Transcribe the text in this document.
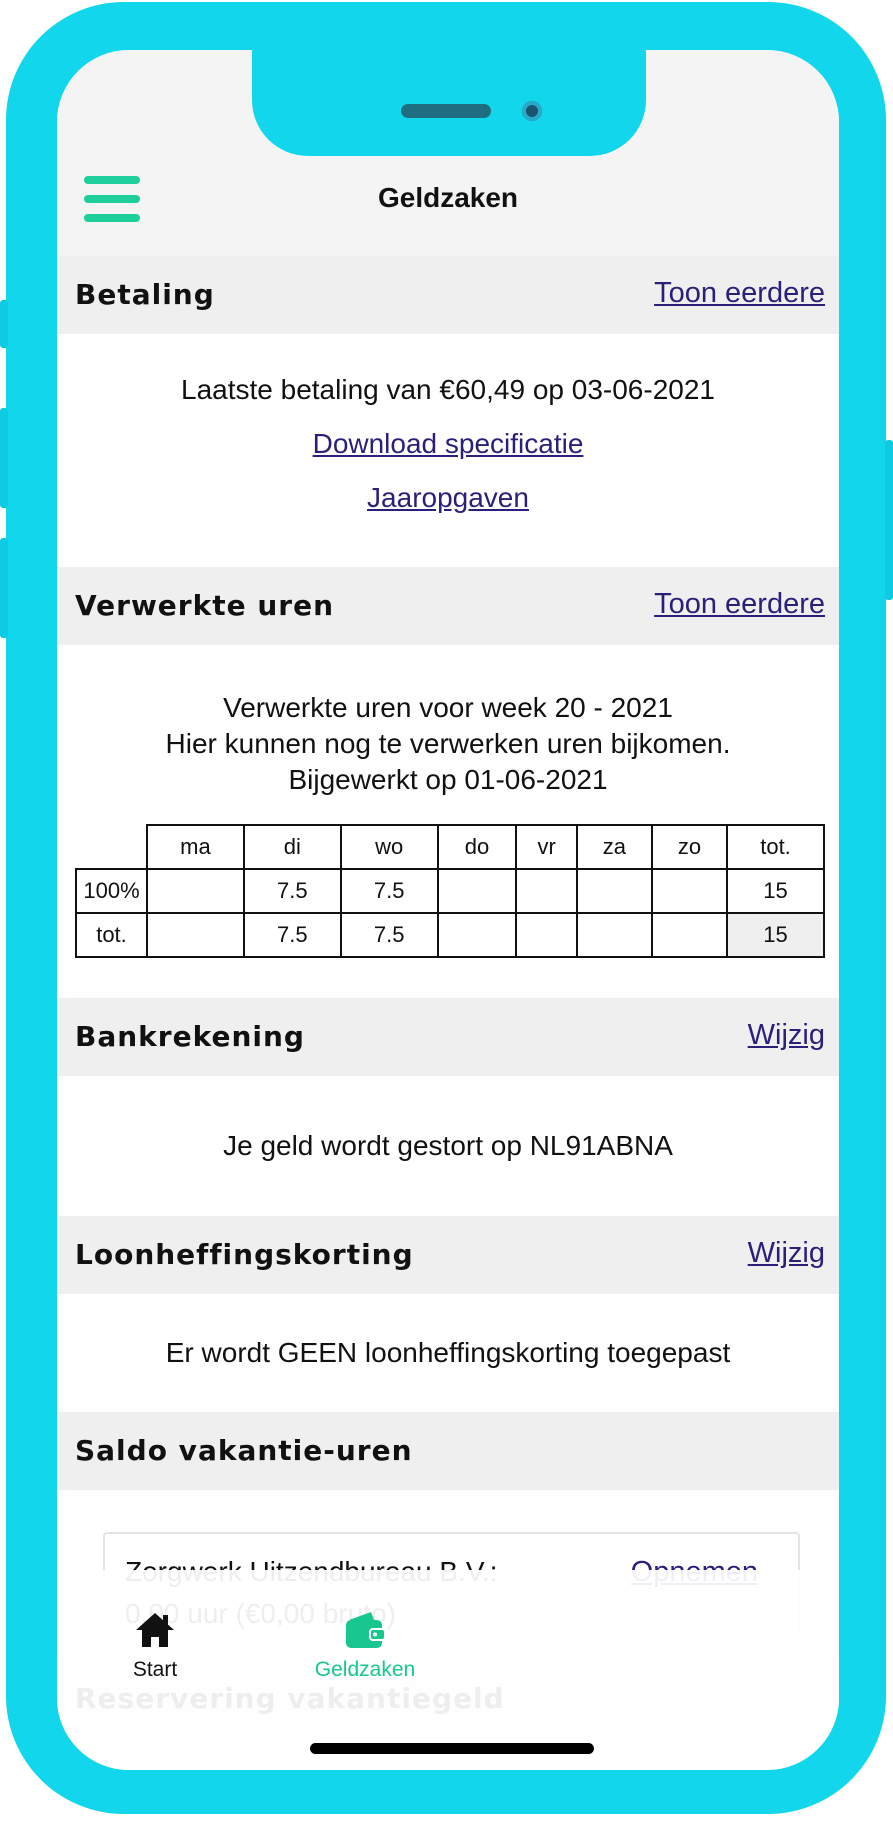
Geldzaken
Betaling	Toon eerdere
Laatste betaling van €60,49 op 03-06-2021
Download specificatie
Jaaropgaven
Verwerkte uren	Toon eerdere
Verwerkte uren voor week 20 - 2021
Hier kunnen nog te verwerken uren bijkomen.
Bijgewerkt op 01-06-2021
	ma	di	wo	do	vr	za	zo	tot.
100%		7.5	7.5					15
tot.		7.5	7.5					15
Bankrekening	Wijzig
Je geld wordt gestort op NL91ABNA
Loonheffingskorting	Wijzig
Er wordt GEEN loonheffingskorting toegepast
Saldo vakantie-uren
Start	Geldzaken
